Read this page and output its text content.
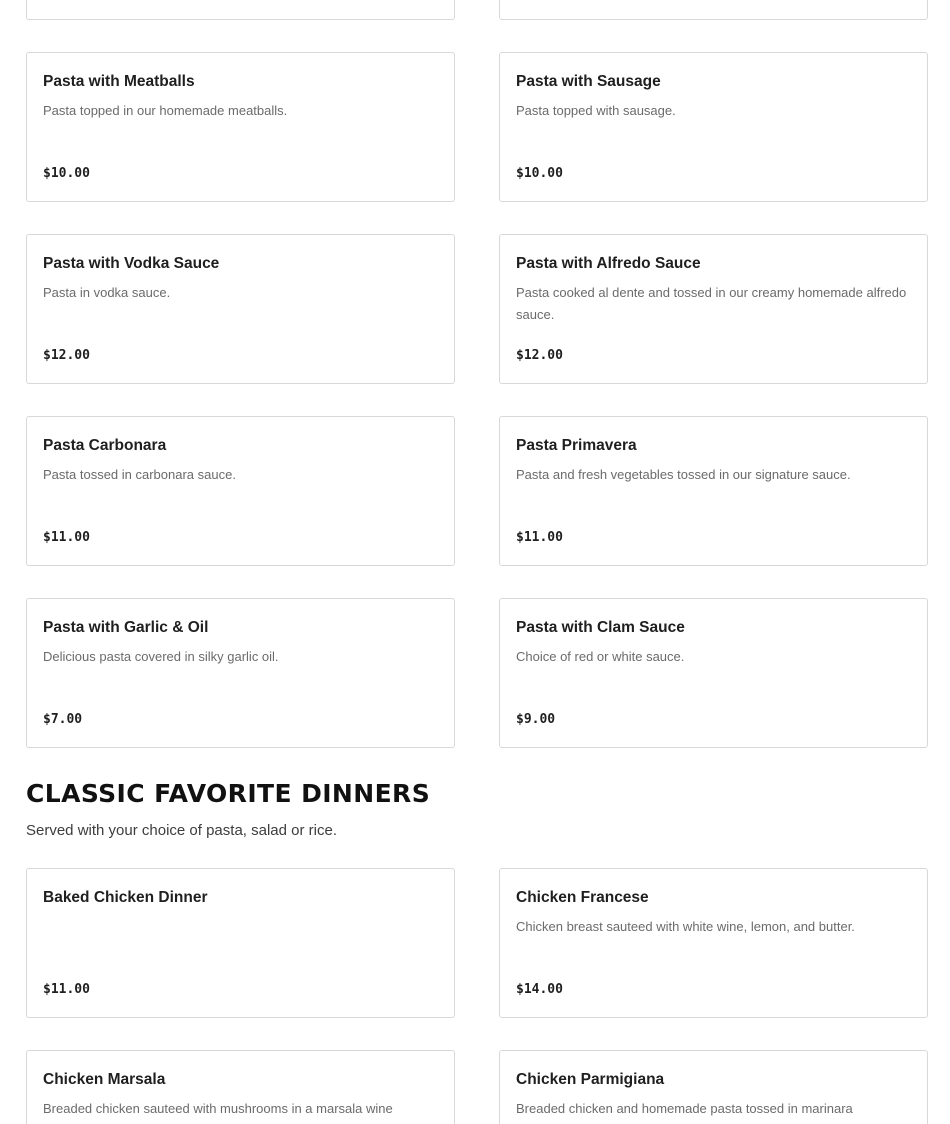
Pasta with Meatballs
Pasta topped in our homemade meatballs.
$10.00
Pasta with Sausage
Pasta topped with sausage.
$10.00
Pasta with Vodka Sauce
Pasta in vodka sauce.
$12.00
Pasta with Alfredo Sauce
Pasta cooked al dente and tossed in our creamy homemade alfredo sauce.
$12.00
Pasta Carbonara
Pasta tossed in carbonara sauce.
$11.00
Pasta Primavera
Pasta and fresh vegetables tossed in our signature sauce.
$11.00
Pasta with Garlic & Oil
Delicious pasta covered in silky garlic oil.
$7.00
Pasta with Clam Sauce
Choice of red or white sauce.
$9.00
CLASSIC FAVORITE DINNERS
Served with your choice of pasta, salad or rice.
Baked Chicken Dinner
$11.00
Chicken Francese
Chicken breast sauteed with white wine, lemon, and butter.
$14.00
Chicken Marsala
Breaded chicken sauteed with mushrooms in a marsala wine
Chicken Parmigiana
Breaded chicken and homemade pasta tossed in marinara
